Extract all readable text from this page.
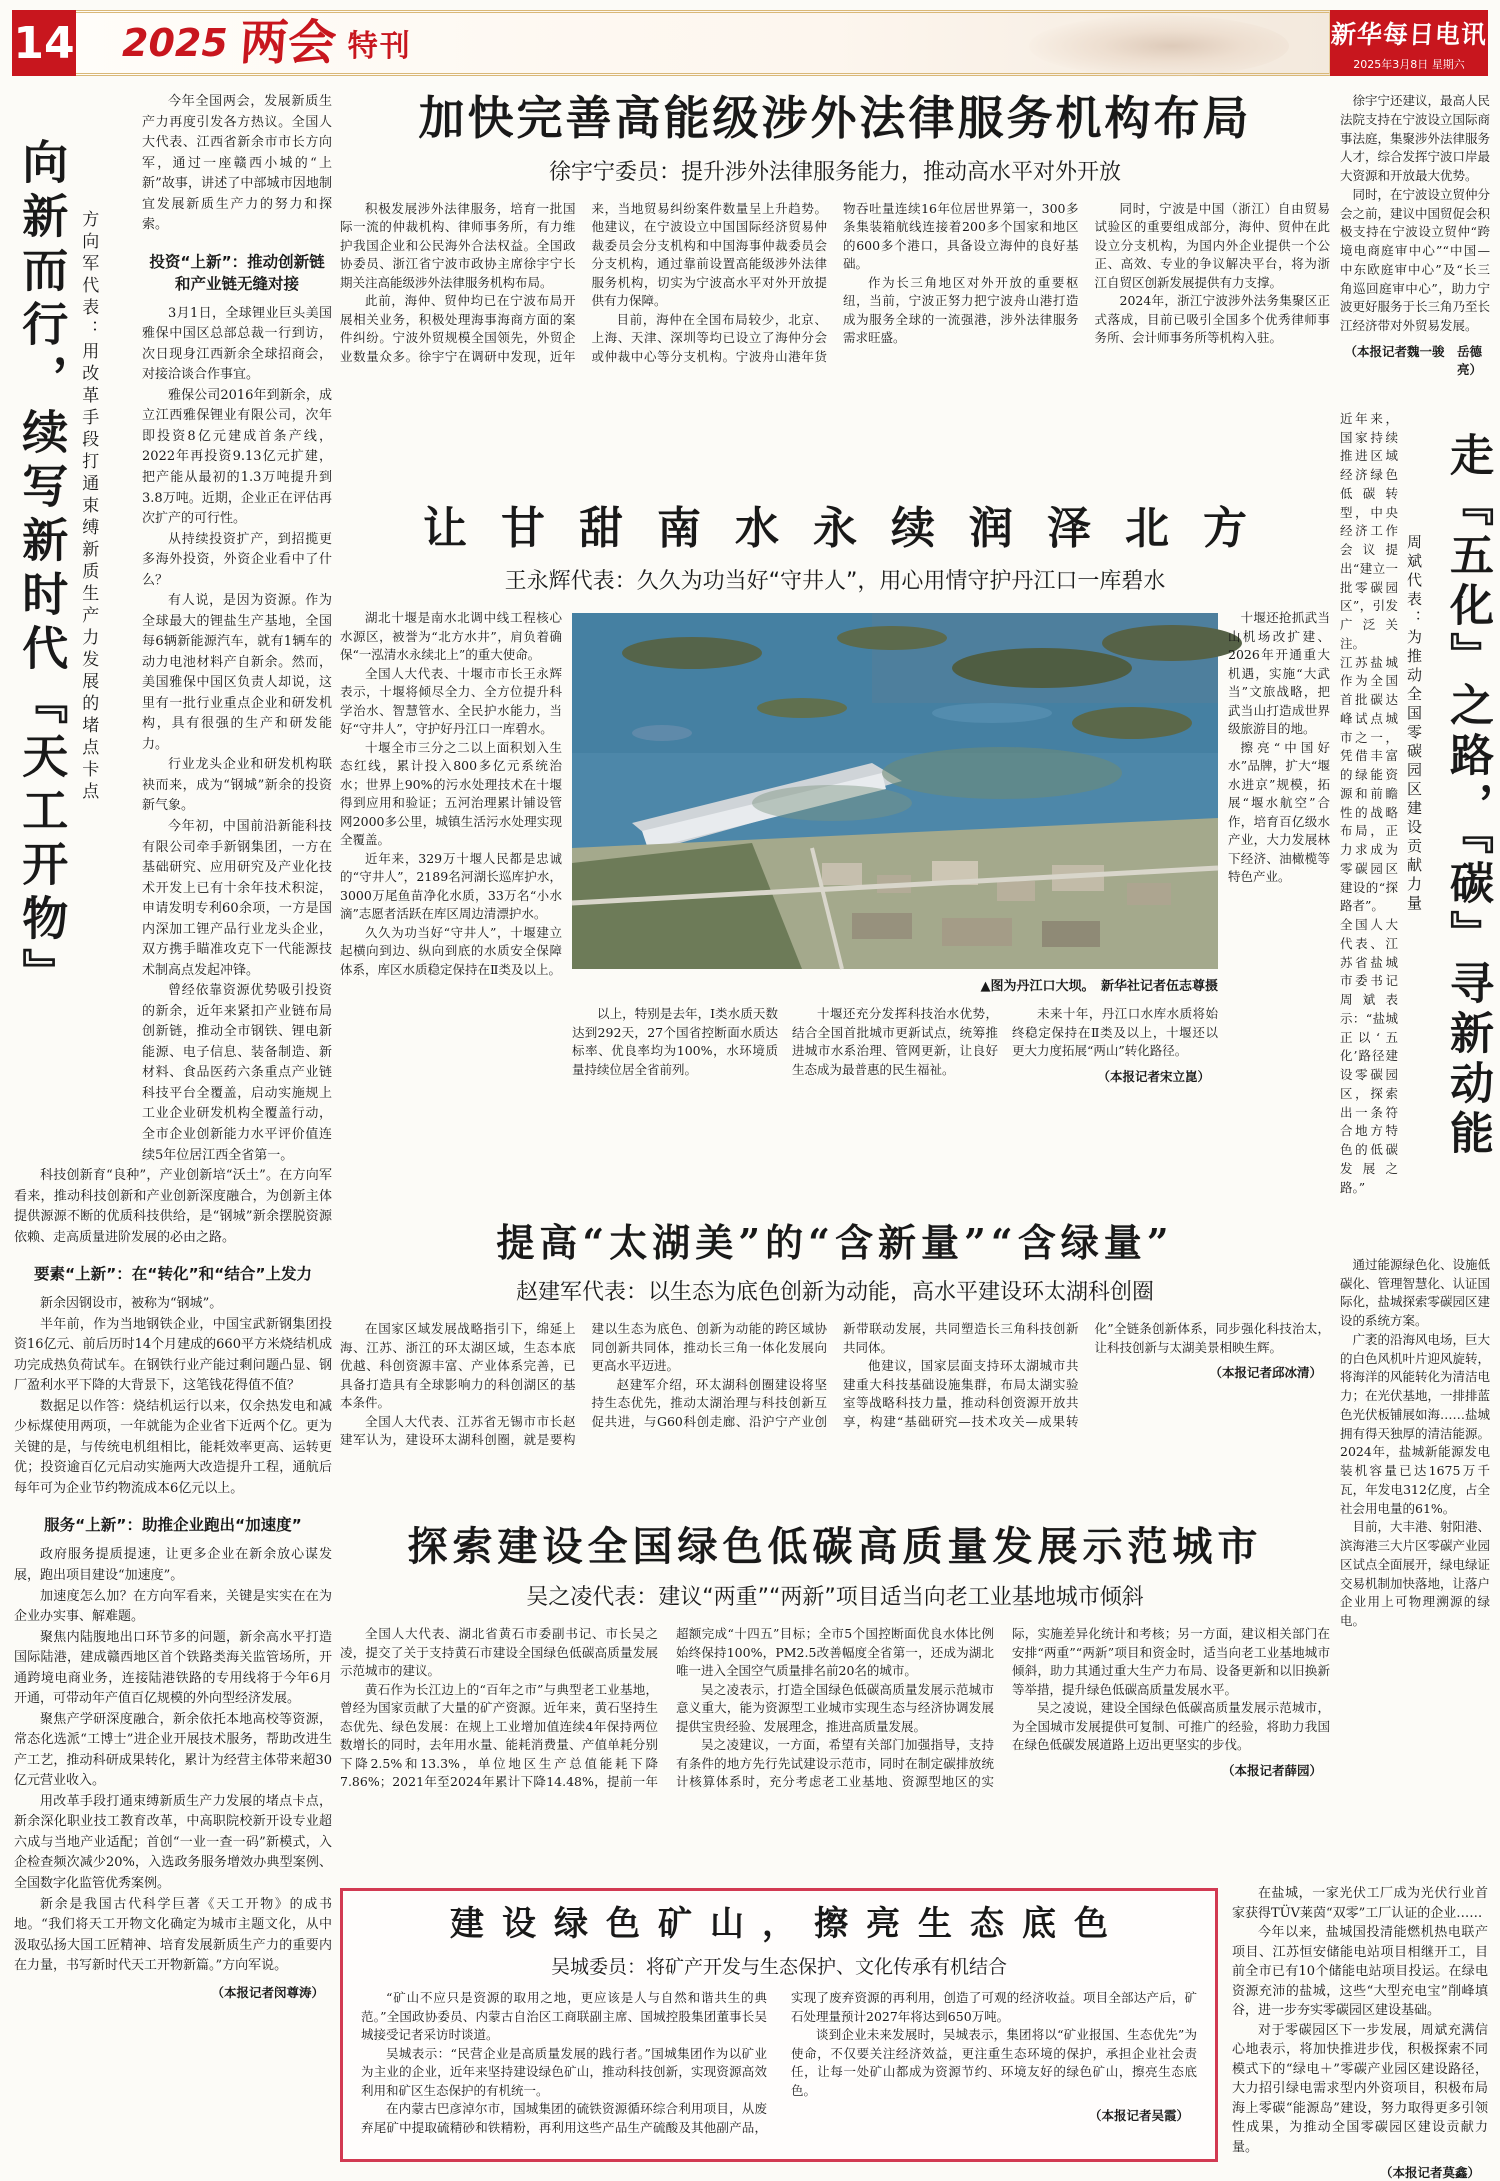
14 2025 两会 特刊	新华每日电讯
2025年3月8日 星期六
向新而行，续写新时代『天工开物』 方向军代表：用改革手段打通束缚新质生产力发展的堵点卡点

今年全国两会，发展新质生产力再度引发各方热议。全国人大代表、江西省新余市市长方向军，通过一座赣西小城的“上新”故事，讲述了中部城市因地制宜发展新质生产力的努力和探索。

投资“上新”：推动创新链和产业链无缝对接

3月1日，全球锂业巨头美国雅保中国区总部总裁一行到访，次日现身江西新余全球招商会，对接洽谈合作事宜。

雅保公司2016年到新余，成立江西雅保锂业有限公司，次年即投资8亿元建成首条产线，2022年再投资9.13亿元扩建，把产能从最初的1.3万吨提升到3.8万吨。近期，企业正在评估再次扩产的可行性。

从持续投资扩产，到招揽更多海外投资，外资企业看中了什么？

有人说，是因为资源。作为全球最大的锂盐生产基地，全国每6辆新能源汽车，就有1辆车的动力电池材料产自新余。然而，美国雅保中国区负责人却说，这里有一批行业重点企业和研发机构，具有很强的生产和研发能力。

行业龙头企业和研发机构联袂而来，成为“钢城”新余的投资新气象。

今年初，中国前沿新能科技有限公司牵手新钢集团，一方在基础研究、应用研究及产业化技术开发上已有十余年技术积淀，申请发明专利60余项，一方是国内深加工锂产品行业龙头企业，双方携手瞄准攻克下一代能源技术制高点发起冲锋。

曾经依靠资源优势吸引投资的新余，近年来紧扣产业链布局创新链，推动全市钢铁、锂电新能源、电子信息、装备制造、新材料、食品医药六条重点产业链科技平台全覆盖，启动实施规上工业企业研发机构全覆盖行动，全市企业创新能力水平评价值连续5年位居江西全省第一。

科技创新育“良种”，产业创新培“沃土”。在方向军看来，推动科技创新和产业创新深度融合，为创新主体提供源源不断的优质科技供给，是“钢城”新余摆脱资源依赖、走高质量进阶发展的必由之路。

要素“上新”：在“转化”和“结合”上发力

新余因钢设市，被称为“钢城”。

半年前，作为当地钢铁企业，中国宝武新钢集团投资16亿元、前后历时14个月建成的660平方米烧结机成功完成热负荷试车。在钢铁行业产能过剩问题凸显、钢厂盈利水平下降的大背景下，这笔钱花得值不值？

数据足以作答：烧结机运行以来，仅余热发电和减少标煤使用两项，一年就能为企业省下近两个亿。更为关键的是，与传统电机组相比，能耗效率更高、运转更优；投资逾百亿元启动实施两大改造提升工程，通航后每年可为企业节约物流成本6亿元以上。

服务“上新”：助推企业跑出“加速度”

政府服务提质提速，让更多企业在新余放心谋发展，跑出项目建设“加速度”。

加速度怎么加？在方向军看来，关键是实实在在为企业办实事、解难题。

聚焦内陆腹地出口环节多的问题，新余高水平打造国际陆港，建成赣西地区首个铁路类海关监管场所，开通跨境电商业务，连接陆港铁路的专用线将于今年6月开通，可带动年产值百亿规模的外向型经济发展。

聚焦产学研深度融合，新余依托本地高校等资源，常态化选派“工博士”进企业开展技术服务，帮助改进生产工艺，推动科研成果转化，累计为经营主体带来超30亿元营业收入。

用改革手段打通束缚新质生产力发展的堵点卡点，新余深化职业技工教育改革，中高职院校新开设专业超六成与当地产业适配；首创“一业一查一码”新模式，入企检查频次减少20%，入选政务服务增效办典型案例、全国数字化监管优秀案例。

新余是我国古代科学巨著《天工开物》的成书地。“我们将天工开物文化确定为城市主题文化，从中汲取弘扬大国工匠精神、培育发展新质生产力的重要内在力量，书写新时代天工开物新篇。”方向军说。

（本报记者闵尊涛）
加快完善高能级涉外法律服务机构布局
徐宇宁委员：提升涉外法律服务能力，推动高水平对外开放

积极发展涉外法律服务，培育一批国际一流的仲裁机构、律师事务所，有力维护我国企业和公民海外合法权益。全国政协委员、浙江省宁波市政协主席徐宇宁长期关注高能级涉外法律服务机构布局。

此前，海仲、贸仲均已在宁波布局开展相关业务，积极处理海事海商方面的案件纠纷。宁波外贸规模全国领先，外贸企业数量众多。徐宇宁在调研中发现，近年来，当地贸易纠纷案件数量呈上升趋势。他建议，在宁波设立中国国际经济贸易仲裁委员会分支机构和中国海事仲裁委员会分支机构，通过靠前设置高能级涉外法律服务机构，切实为宁波高水平对外开放提供有力保障。

目前，海仲在全国布局较少，北京、上海、天津、深圳等均已设立了海仲分会或仲裁中心等分支机构。宁波舟山港年货物吞吐量连续16年位居世界第一，300多条集装箱航线连接着200多个国家和地区的600多个港口，具备设立海仲的良好基础。

作为长三角地区对外开放的重要枢纽，当前，宁波正努力把宁波舟山港打造成为服务全球的一流强港，涉外法律服务需求旺盛。

同时，宁波是中国（浙江）自由贸易试验区的重要组成部分，海仲、贸仲在此设立分支机构，为国内外企业提供一个公正、高效、专业的争议解决平台，将为浙江自贸区创新发展提供有力支撑。

2024年，浙江宁波涉外法务集聚区正式落成，目前已吸引全国多个优秀律师事务所、会计师事务所等机构入驻。

让甘甜南水永续润泽北方
王永辉代表：久久为功当好“守井人”，用心用情守护丹江口一库碧水

湖北十堰是南水北调中线工程核心水源区，被誉为“北方水井”，肩负着确保“一泓清水永续北上”的重大使命。

全国人大代表、十堰市市长王永辉表示，十堰将倾尽全力、全方位提升科学治水、智慧管水、全民护水能力，当好“守井人”，守护好丹江口一库碧水。

十堰全市三分之二以上面积划入生态红线，累计投入800多亿元系统治水；世界上90%的污水处理技术在十堰得到应用和验证；五河治理累计铺设管网2000多公里，城镇生活污水处理实现全覆盖。

近年来，329万十堰人民都是忠诚的“守井人”，2189名河湖长巡库护水，3000万尾鱼苗净化水质，33万名“小水滴”志愿者活跃在库区周边清漂护水。

久久为功当好“守井人”，十堰建立起横向到边、纵向到底的水质安全保障体系，库区水质稳定保持在Ⅱ类及以上。

▲图为丹江口大坝。　新华社记者伍志尊摄

十堰还抢抓武当山机场改扩建、2026年开通重大机遇，实施“大武当”文旅战略，把武当山打造成世界级旅游目的地。

擦亮“中国好水”品牌，扩大“堰水进京”规模，拓展“堰水航空”合作，培育百亿级水产业，大力发展林下经济、油橄榄等特色产业。

以上，特别是去年，Ⅰ类水质天数达到292天，27个国省控断面水质达标率、优良率均为100%，水环境质量持续位居全省前列。

十堰还充分发挥科技治水优势，结合全国首批城市更新试点，统筹推进城市水系治理、管网更新，让良好生态成为最普惠的民生福祉。

未来十年，丹江口水库水质将始终稳定保持在Ⅱ类及以上，十堰还以更大力度拓展“两山”转化路径。

（本报记者宋立崑）
提高“太湖美”的“含新量”“含绿量”
赵建军代表：以生态为底色创新为动能，高水平建设环太湖科创圈

在国家区域发展战略指引下，绵延上海、江苏、浙江的环太湖区域，生态本底优越、科创资源丰富、产业体系完善，已具备打造具有全球影响力的科创湖区的基本条件。

全国人大代表、江苏省无锡市市长赵建军认为，建设环太湖科创圈，就是要构建以生态为底色、创新为动能的跨区域协同创新共同体，推动长三角一体化发展向更高水平迈进。

赵建军介绍，环太湖科创圈建设将坚持生态优先，推动太湖治理与科技创新互促共进，与G60科创走廊、沿沪宁产业创新带联动发展，共同塑造长三角科技创新共同体。

他建议，国家层面支持环太湖城市共建重大科技基础设施集群，布局太湖实验室等战略科技力量，推动科创资源开放共享，构建“基础研究—技术攻关—成果转化”全链条创新体系，同步强化科技治太，让科技创新与太湖美景相映生辉。

（本报记者邱冰清）
探索建设全国绿色低碳高质量发展示范城市
吴之凌代表：建议“两重”“两新”项目适当向老工业基地城市倾斜

全国人大代表、湖北省黄石市委副书记、市长吴之凌，提交了关于支持黄石市建设全国绿色低碳高质量发展示范城市的建议。

黄石作为长江边上的“百年之市”与典型老工业基地，曾经为国家贡献了大量的矿产资源。近年来，黄石坚持生态优先、绿色发展：在规上工业增加值连续4年保持两位数增长的同时，去年用水量、能耗消费量、产值单耗分别下降2.5%和13.3%，单位地区生产总值能耗下降7.86%；2021年至2024年累计下降14.48%，提前一年超额完成“十四五”目标；全市5个国控断面优良水体比例始终保持100%，PM2.5改善幅度全省第一，还成为湖北唯一进入全国空气质量排名前20名的城市。

吴之凌表示，打造全国绿色低碳高质量发展示范城市意义重大，能为资源型工业城市实现生态与经济协调发展提供宝贵经验、发展理念，推进高质量发展。

吴之凌建议，一方面，希望有关部门加强指导，支持有条件的地方先行先试建设示范市，同时在制定碳排放统计核算体系时，充分考虑老工业基地、资源型地区的实际，实施差异化统计和考核；另一方面，建议相关部门在安排“两重”“两新”项目和资金时，适当向老工业基地城市倾斜，助力其通过重大生产力布局、设备更新和以旧换新等举措，提升绿色低碳高质量发展水平。

吴之凌说，建设全国绿色低碳高质量发展示范城市，为全国城市发展提供可复制、可推广的经验，将助力我国在绿色低碳发展道路上迈出更坚实的步伐。

（本报记者薛园）
建设绿色矿山，擦亮生态底色
吴城委员：将矿产开发与生态保护、文化传承有机结合

“矿山不应只是资源的取用之地，更应该是人与自然和谐共生的典范。”全国政协委员、内蒙古自治区工商联副主席、国城控股集团董事长吴城接受记者采访时谈道。

吴城表示：“民营企业是高质量发展的践行者。”国城集团作为以矿业为主业的企业，近年来坚持建设绿色矿山，推动科技创新，实现资源高效利用和矿区生态保护的有机统一。

在内蒙古巴彦淖尔市，国城集团的硫铁资源循环综合利用项目，从废弃尾矿中提取硫精砂和铁精粉，再利用这些产品生产硫酸及其他副产品，实现了废弃资源的再利用，创造了可观的经济收益。项目全部达产后，矿石处理量预计2027年将达到650万吨。

谈到企业未来发展时，吴城表示，集团将以“矿业报国、生态优先”为使命，不仅要关注经济效益，更注重生态环境的保护，承担企业社会责任，让每一处矿山都成为资源节约、环境友好的绿色矿山，擦亮生态底色。

（本报记者吴霞）

在盐城，一家光伏工厂成为光伏行业首家获得TÜV莱茵“双零”工厂认证的企业……

今年以来，盐城国投清能燃机热电联产项目、江苏恒安储能电站项目相继开工，目前全市已有10个储能电站项目投运。在绿电资源充沛的盐城，这些“大型充电宝”削峰填谷，进一步夯实零碳园区建设基础。

对于零碳园区下一步发展，周斌充满信心地表示，将加快推进步伐，积极探索不同模式下的“绿电＋”零碳产业园区建设路径，大力招引绿电需求型内外资项目，积极布局海上零碳“能源岛”建设，努力取得更多引领性成果，为推动全国零碳园区建设贡献力量。

（本报记者莫鑫）

徐宇宁还建议，最高人民法院支持在宁波设立国际商事法庭，集聚涉外法律服务人才，综合发挥宁波口岸最大资源和开放最大优势。

同时，在宁波设立贸仲分会之前，建议中国贸促会积极支持在宁波设立贸仲“跨境电商庭审中心”“中国—中东欧庭审中心”及“长三角巡回庭审中心”，助力宁波更好服务于长三角乃至长江经济带对外贸易发展。

（本报记者魏一骏　岳德亮）

近年来，国家持续推进区域经济绿色低碳转型，中央经济工作会议提出“建立一批零碳园区”，引发广泛关注。

江苏盐城作为全国首批碳达峰试点城市之一，凭借丰富的绿能资源和前瞻性的战略布局，正力求成为零碳园区建设的“探路者”。

全国人大代表、江苏省盐城市委书记周斌表示：“盐城正以‘五化’路径建设零碳园区，探索出一条符合地方特色的低碳发展之路。”

周斌代表：为推动全国零碳园区建设贡献力量 走『五化』之路，『碳』寻新动能

通过能源绿色化、设施低碳化、管理智慧化、认证国际化，盐城探索零碳园区建设的系统方案。

广袤的沿海风电场，巨大的白色风机叶片迎风旋转，将海洋的风能转化为清洁电力；在光伏基地，一排排蓝色光伏板铺展如海……盐城拥有得天独厚的清洁能源。2024年，盐城新能源发电装机容量已达1675万千瓦，年发电312亿度，占全社会用电量的61%。

目前，大丰港、射阳港、滨海港三大片区零碳产业园区试点全面展开，绿电绿证交易机制加快落地，让落户企业用上可物理溯源的绿电。
